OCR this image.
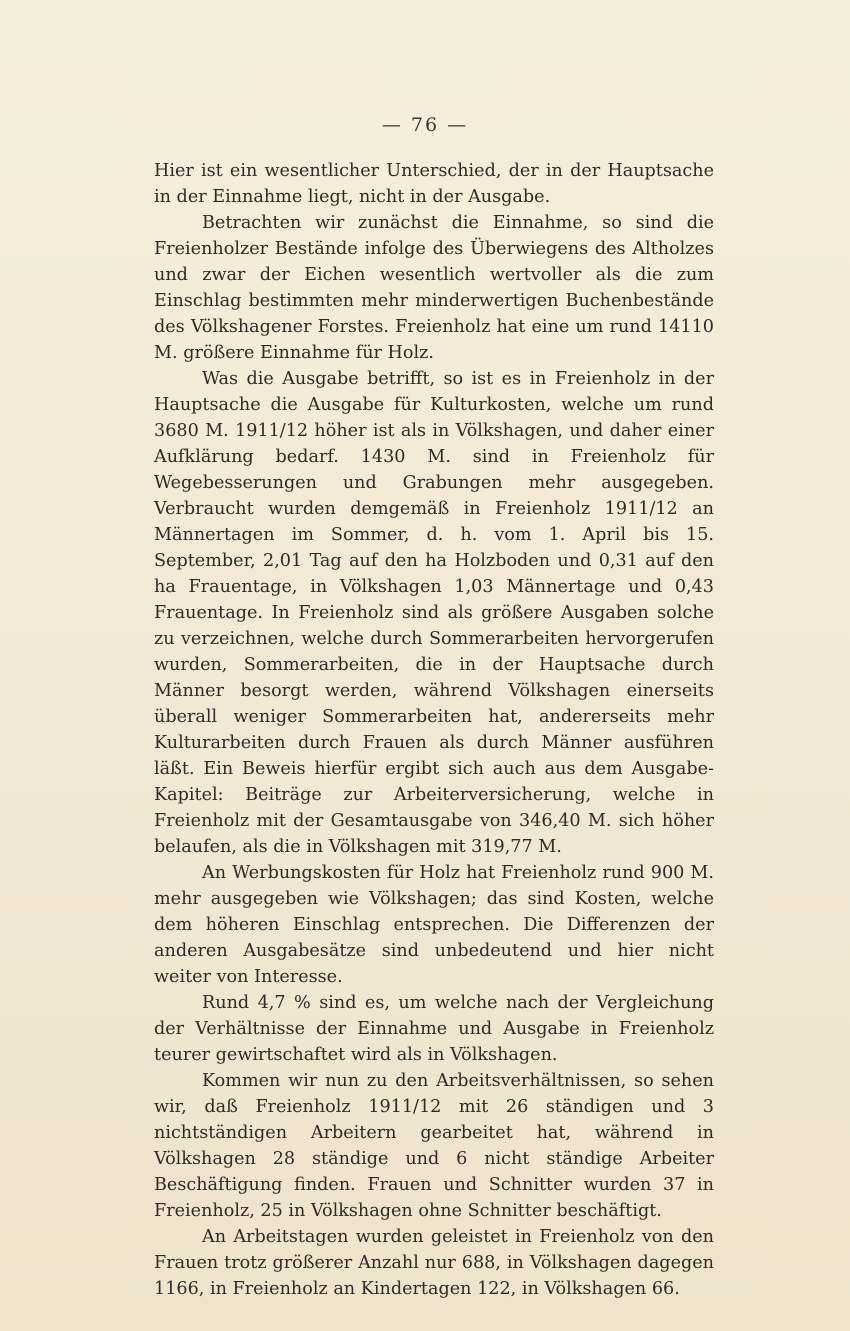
— 76 —

Hier ist ein wesentlicher Unterschied, der in der Hauptsache in der Einnahme liegt, nicht in der Ausgabe.

Betrachten wir zunächst die Einnahme, so sind die Freienholzer Bestände infolge des Überwiegens des Altholzes und zwar der Eichen wesentlich wertvoller als die zum Einschlag bestimmten mehr minderwertigen Buchenbestände des Völkshagener Forstes. Freienholz hat eine um rund 14110 M. größere Einnahme für Holz.

Was die Ausgabe betrifft, so ist es in Freienholz in der Hauptsache die Ausgabe für Kulturkosten, welche um rund 3680 M. 1911/12 höher ist als in Völkshagen, und daher einer Aufklärung bedarf. 1430 M. sind in Freienholz für Wegebesserungen und Grabungen mehr ausgegeben. Verbraucht wurden demgemäß in Freienholz 1911/12 an Männertagen im Sommer, d. h. vom 1. April bis 15. September, 2,01 Tag auf den ha Holzboden und 0,31 auf den ha Frauentage, in Völkshagen 1,03 Männertage und 0,43 Frauentage. In Freienholz sind als größere Ausgaben solche zu verzeichnen, welche durch Sommerarbeiten hervorgerufen wurden, Sommerarbeiten, die in der Hauptsache durch Männer besorgt werden, während Völkshagen einerseits überall weniger Sommerarbeiten hat, andererseits mehr Kulturarbeiten durch Frauen als durch Männer ausführen läßt. Ein Beweis hierfür ergibt sich auch aus dem Ausgabe-Kapitel: Beiträge zur Arbeiterversicherung, welche in Freienholz mit der Gesamtausgabe von 346,40 M. sich höher belaufen, als die in Völkshagen mit 319,77 M.

An Werbungskosten für Holz hat Freienholz rund 900 M. mehr ausgegeben wie Völkshagen; das sind Kosten, welche dem höheren Einschlag entsprechen. Die Differenzen der anderen Ausgabesätze sind unbedeutend und hier nicht weiter von Interesse.

Rund 4,7 % sind es, um welche nach der Vergleichung der Verhältnisse der Einnahme und Ausgabe in Freienholz teurer gewirtschaftet wird als in Völkshagen.

Kommen wir nun zu den Arbeitsverhältnissen, so sehen wir, daß Freienholz 1911/12 mit 26 ständigen und 3 nichtständigen Arbeitern gearbeitet hat, während in Völkshagen 28 ständige und 6 nicht ständige Arbeiter Beschäftigung finden. Frauen und Schnitter wurden 37 in Freienholz, 25 in Völkshagen ohne Schnitter beschäftigt.

An Arbeitstagen wurden geleistet in Freienholz von den Frauen trotz größerer Anzahl nur 688, in Völkshagen dagegen 1166, in Freienholz an Kindertagen 122, in Völkshagen 66.
